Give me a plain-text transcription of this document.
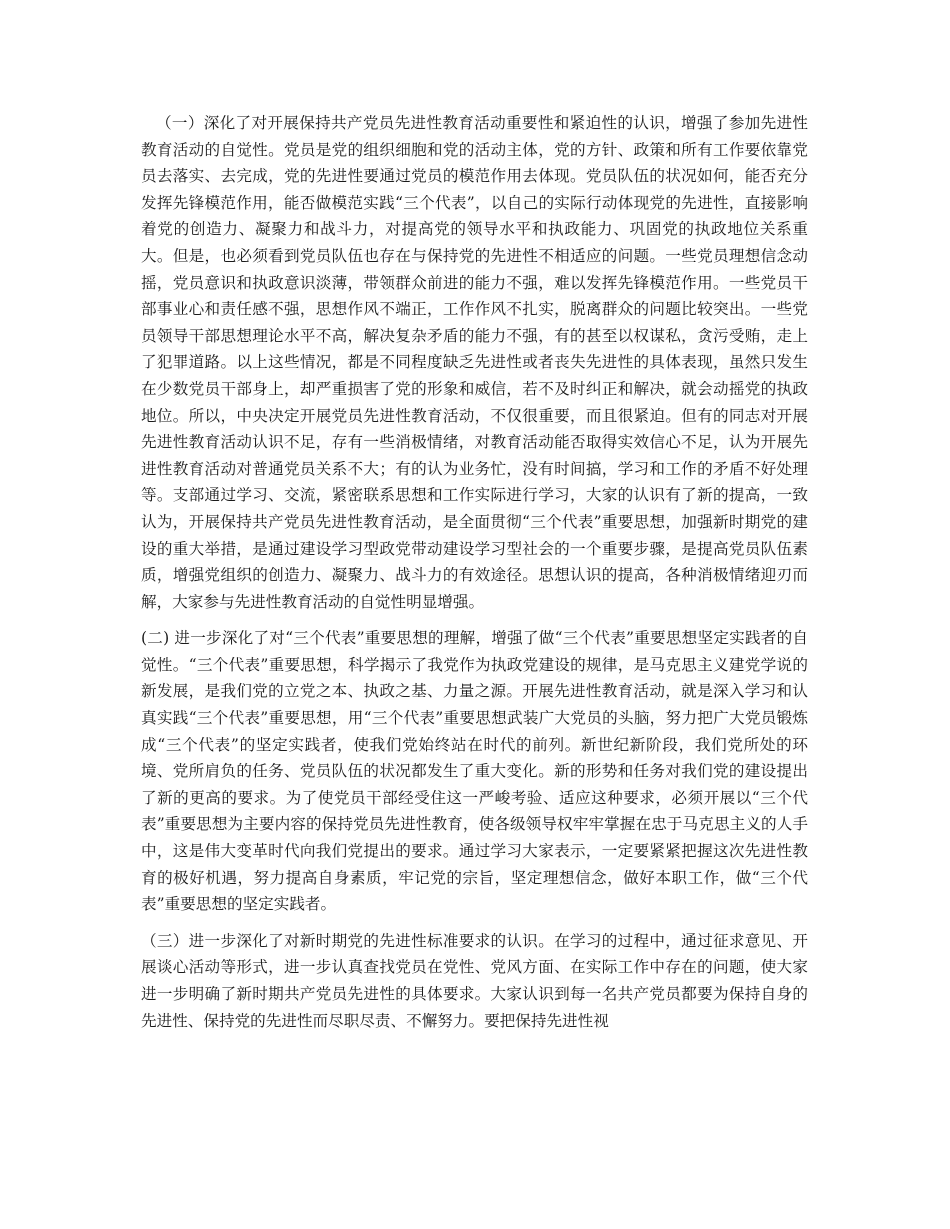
（一）深化了对开展保持共产党员先进性教育活动重要性和紧迫性的认识，增强了参加先进性教育活动的自觉性。党员是党的组织细胞和党的活动主体，党的方针、政策和所有工作要依靠党员去落实、去完成，党的先进性要通过党员的模范作用去体现。党员队伍的状况如何，能否充分发挥先锋模范作用，能否做模范实践“三个代表”，以自己的实际行动体现党的先进性，直接影响着党的创造力、凝聚力和战斗力，对提高党的领导水平和执政能力、巩固党的执政地位关系重大。但是，也必须看到党员队伍也存在与保持党的先进性不相适应的问题。一些党员理想信念动摇，党员意识和执政意识淡薄，带领群众前进的能力不强，难以发挥先锋模范作用。一些党员干部事业心和责任感不强，思想作风不端正，工作作风不扎实，脱离群众的问题比较突出。一些党员领导干部思想理论水平不高，解决复杂矛盾的能力不强，有的甚至以权谋私，贪污受贿，走上了犯罪道路。以上这些情况，都是不同程度缺乏先进性或者丧失先进性的具体表现，虽然只发生在少数党员干部身上，却严重损害了党的形象和威信，若不及时纠正和解决，就会动摇党的执政地位。所以，中央决定开展党员先进性教育活动，不仅很重要，而且很紧迫。但有的同志对开展先进性教育活动认识不足，存有一些消极情绪，对教育活动能否取得实效信心不足，认为开展先进性教育活动对普通党员关系不大；有的认为业务忙，没有时间搞，学习和工作的矛盾不好处理等。支部通过学习、交流，紧密联系思想和工作实际进行学习，大家的认识有了新的提高，一致认为，开展保持共产党员先进性教育活动，是全面贯彻“三个代表”重要思想，加强新时期党的建设的重大举措，是通过建设学习型政党带动建设学习型社会的一个重要步骤，是提高党员队伍素质，增强党组织的创造力、凝聚力、战斗力的有效途径。思想认识的提高，各种消极情绪迎刃而解，大家参与先进性教育活动的自觉性明显增强。

(二) 进一步深化了对“三个代表”重要思想的理解，增强了做“三个代表”重要思想坚定实践者的自觉性。“三个代表”重要思想，科学揭示了我党作为执政党建设的规律，是马克思主义建党学说的新发展，是我们党的立党之本、执政之基、力量之源。开展先进性教育活动，就是深入学习和认真实践“三个代表”重要思想，用“三个代表”重要思想武装广大党员的头脑，努力把广大党员锻炼成“三个代表”的坚定实践者，使我们党始终站在时代的前列。新世纪新阶段，我们党所处的环境、党所肩负的任务、党员队伍的状况都发生了重大变化。新的形势和任务对我们党的建设提出了新的更高的要求。为了使党员干部经受住这一严峻考验、适应这种要求，必须开展以“三个代表”重要思想为主要内容的保持党员先进性教育，使各级领导权牢牢掌握在忠于马克思主义的人手中，这是伟大变革时代向我们党提出的要求。通过学习大家表示，一定要紧紧把握这次先进性教育的极好机遇，努力提高自身素质，牢记党的宗旨，坚定理想信念，做好本职工作，做“三个代表”重要思想的坚定实践者。

（三）进一步深化了对新时期党的先进性标准要求的认识。在学习的过程中，通过征求意见、开展谈心活动等形式，进一步认真查找党员在党性、党风方面、在实际工作中存在的问题，使大家进一步明确了新时期共产党员先进性的具体要求。大家认识到每一名共产党员都要为保持自身的先进性、保持党的先进性而尽职尽责、不懈努力。要把保持先进性视
